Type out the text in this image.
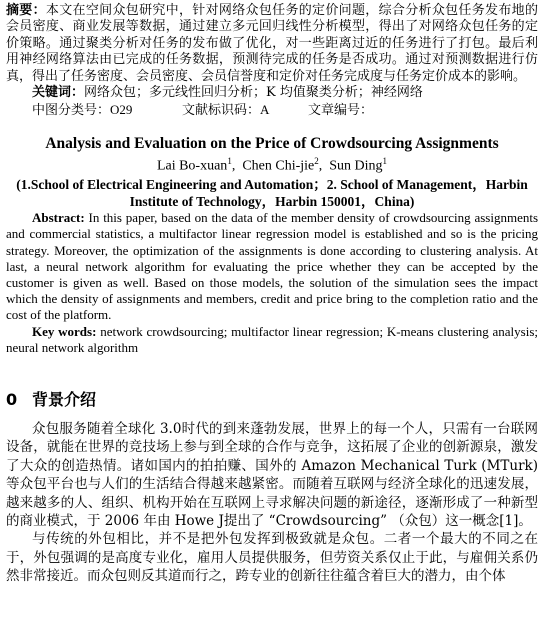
摘要：本文在空间众包研究中，针对网络众包任务的定价问题，综合分析众包任务发布地的会员密度、商业发展等数据，通过建立多元回归线性分析模型，得出了对网络众包任务的定价策略。通过聚类分析对任务的发布做了优化，对一些距离过近的任务进行了打包。最后利用神经网络算法由已完成的任务数据，预测待完成的任务是否成功。通过对预测数据进行仿真，得出了任务密度、会员密度、会员信誉度和定价对任务完成度与任务定价成本的影响。

关键词：网络众包；多元线性回归分析；K 均值聚类分析；神经网络

中图分类号：O29	文献标识码：A	文章编号：

Analysis and Evaluation on the Price of Crowdsourcing Assignments

Lai Bo-xuan$^1$,  Chen Chi-jie$^2$,  Sun Ding$^1$

(1.School of Electrical Engineering and Automation；2. School of Management，Harbin Institute of Technology，Harbin 150001，China)

Abstract: In this paper, based on the data of the member density of crowdsourcing assignments and commercial statistics, a multifactor linear regression model is established and so is the pricing strategy. Moreover, the optimization of the assignments is done according to clustering analysis. At last, a neural network algorithm for evaluating the price whether they can be accepted by the customer is given as well. Based on those models, the solution of the simulation sees the impact which the density of assignments and members, credit and price bring to the completion ratio and the cost of the platform.

Key words: network crowdsourcing; multifactor linear regression; K-means clustering analysis; neural network algorithm

0 背景介绍

众包服务随着全球化 3.0时代的到来蓬勃发展，世界上的每一个人，只需有一台联网设备，就能在世界的竞技场上参与到全球的合作与竞争，这拓展了企业的创新源泉，激发了大众的创造热情。诸如国内的拍拍赚、国外的 Amazon Mechanical Turk (MTurk) 等众包平台也与人们的生活结合得越来越紧密。而随着互联网与经济全球化的迅速发展，越来越多的人、组织、机构开始在互联网上寻求解决问题的新途径，逐渐形成了一种新型的商业模式，于 2006 年由 Howe J提出了 “Crowdsourcing” （众包）这一概念[1]。

与传统的外包相比，并不是把外包发挥到极致就是众包。二者一个最大的不同之在于，外包强调的是高度专业化，雇用人员提供服务，但劳资关系仅止于此，与雇佣关系仍然非常接近。而众包则反其道而行之，跨专业的创新往往蕴含着巨大的潜力，由个体
